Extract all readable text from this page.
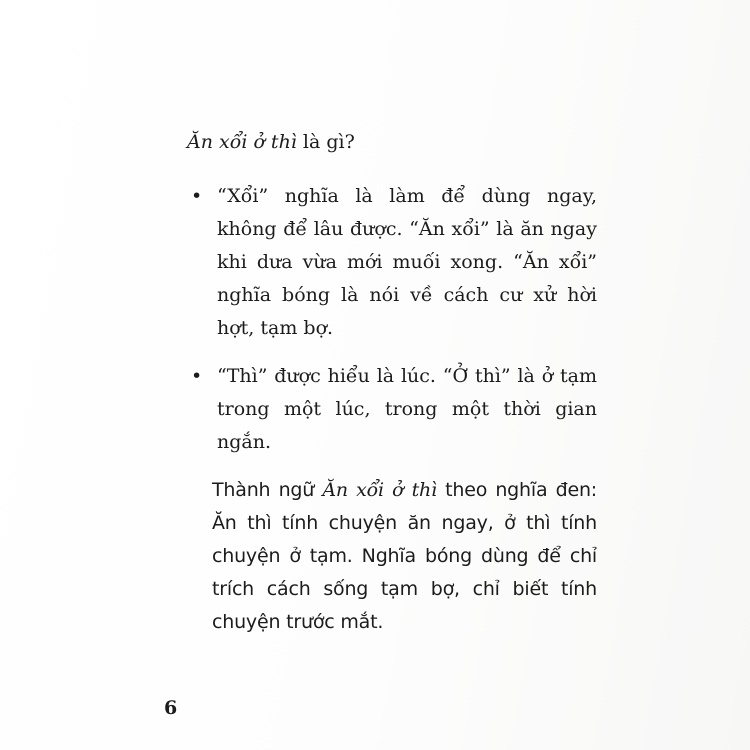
Ăn xổi ở thì là gì?

• “Xổi” nghĩa là làm để dùng ngay, không để lâu được. “Ăn xổi” là ăn ngay khi dưa vừa mới muối xong. “Ăn xổi” nghĩa bóng là nói về cách cư xử hời hợt, tạm bợ.
• “Thì” được hiểu là lúc. “Ở thì” là ở tạm trong một lúc, trong một thời gian ngắn.

Thành ngữ Ăn xổi ở thì theo nghĩa đen: Ăn thì tính chuyện ăn ngay, ở thì tính chuyện ở tạm. Nghĩa bóng dùng để chỉ trích cách sống tạm bợ, chỉ biết tính chuyện trước mắt.

6
